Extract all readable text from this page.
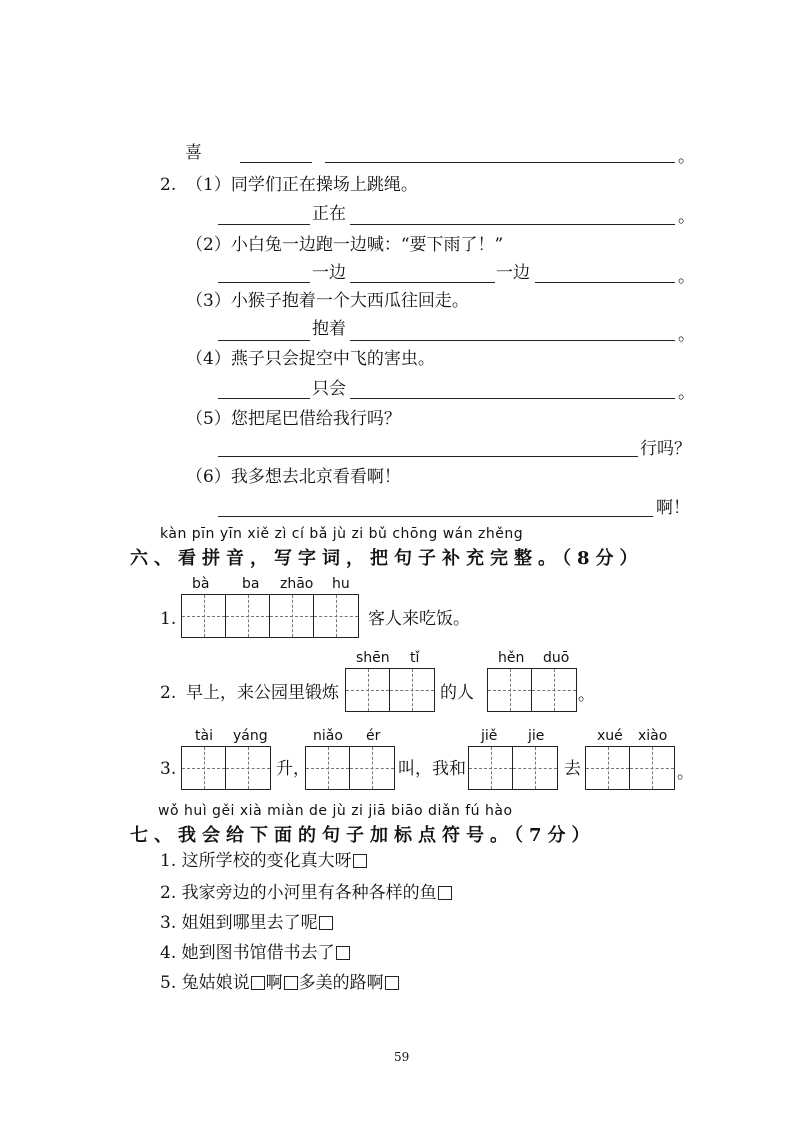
喜	。
2. （1）同学们正在操场上跳绳。
正在	。
（2）小白兔一边跑一边喊：“要下雨了！”
一边	一边	。
（3）小猴子抱着一个大西瓜往回走。
抱着	。
（4）燕子只会捉空中飞的害虫。
只会	。
（5）您把尾巴借给我行吗？
行吗？
（6）我多想去北京看看啊！
啊！
kàn pīn yīn xiě zì cí bǎ jù zi bǔ chōng wán zhěng
六、看拼音，写字词，把句子补充完整。（8分）
bà ba zhāo hu
1.	客人来吃饭。
2. 早上，来公园里锻炼
shēn tǐ
的人
hěn duō
。
3.
tài yáng
升，
niǎo ér
叫，我和
jiě jie
去
xué xiào
。
wǒ huì gěi xià miàn de jù zi jiā biāo diǎn fú hào
七、我会给下面的句子加标点符号。（7分）
1. 这所学校的变化真大呀
2. 我家旁边的小河里有各种各样的鱼
3. 姐姐到哪里去了呢
4. 她到图书馆借书去了
5. 兔姑娘说 啊 多美的路啊
59
